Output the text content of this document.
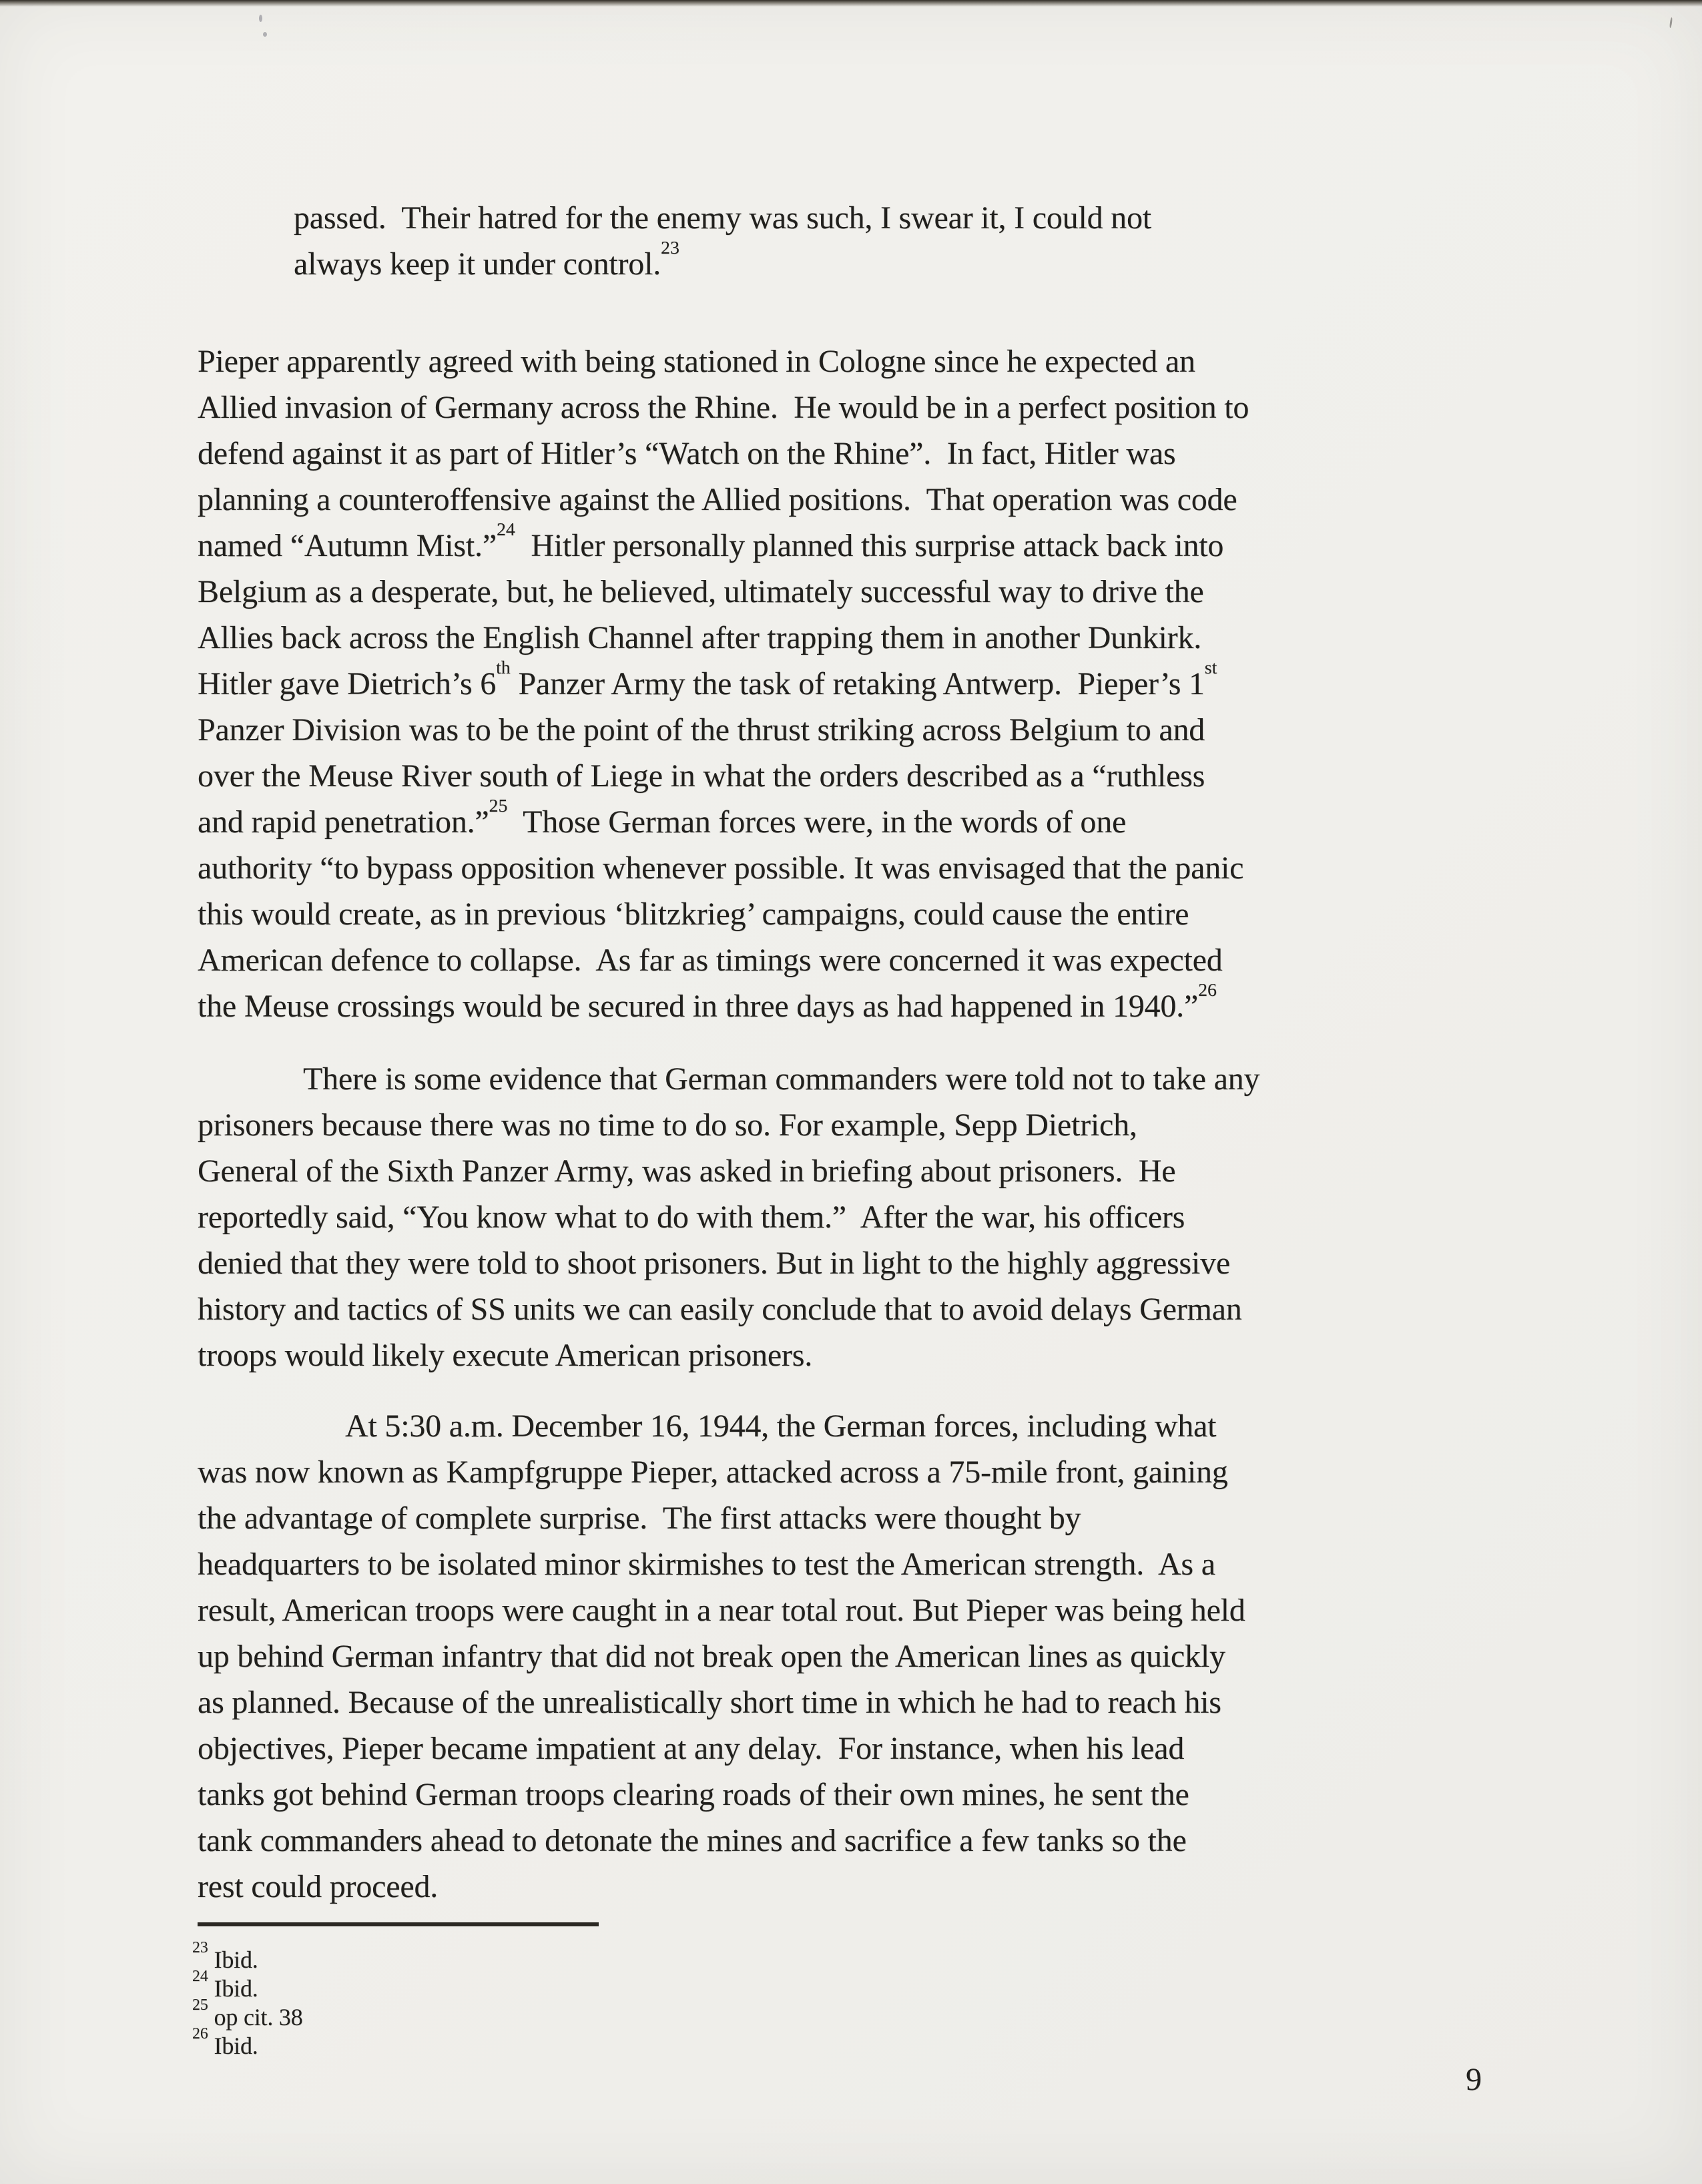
passed.  Their hatred for the enemy was such, I swear it, I could not
always keep it under control.$^{23}$
Pieper apparently agreed with being stationed in Cologne since he expected an
Allied invasion of Germany across the Rhine.  He would be in a perfect position to
defend against it as part of Hitler’s “Watch on the Rhine”.  In fact, Hitler was
planning a counteroffensive against the Allied positions.  That operation was code
named “Autumn Mist.”$^{24}$  Hitler personally planned this surprise attack back into
Belgium as a desperate, but, he believed, ultimately successful way to drive the
Allies back across the English Channel after trapping them in another Dunkirk.
Hitler gave Dietrich’s 6th Panzer Army the task of retaking Antwerp.  Pieper’s 1st
Panzer Division was to be the point of the thrust striking across Belgium to and
over the Meuse River south of Liege in what the orders described as a “ruthless
and rapid penetration.”$^{25}$  Those German forces were, in the words of one
authority “to bypass opposition whenever possible. It was envisaged that the panic
this would create, as in previous ‘blitzkrieg’ campaigns, could cause the entire
American defence to collapse.  As far as timings were concerned it was expected
the Meuse crossings would be secured in three days as had happened in 1940.”$^{26}$
There is some evidence that German commanders were told not to take any
prisoners because there was no time to do so. For example, Sepp Dietrich,
General of the Sixth Panzer Army, was asked in briefing about prisoners.  He
reportedly said, “You know what to do with them.”  After the war, his officers
denied that they were told to shoot prisoners. But in light to the highly aggressive
history and tactics of SS units we can easily conclude that to avoid delays German
troops would likely execute American prisoners.
At 5:30 a.m. December 16, 1944, the German forces, including what
was now known as Kampfgruppe Pieper, attacked across a 75-mile front, gaining
the advantage of complete surprise.  The first attacks were thought by
headquarters to be isolated minor skirmishes to test the American strength.  As a
result, American troops were caught in a near total rout. But Pieper was being held
up behind German infantry that did not break open the American lines as quickly
as planned. Because of the unrealistically short time in which he had to reach his
objectives, Pieper became impatient at any delay.  For instance, when his lead
tanks got behind German troops clearing roads of their own mines, he sent the
tank commanders ahead to detonate the mines and sacrifice a few tanks so the
rest could proceed.
$^{23}$ Ibid.
$^{24}$ Ibid.
$^{25}$ op cit. 38
$^{26}$ Ibid.
9
